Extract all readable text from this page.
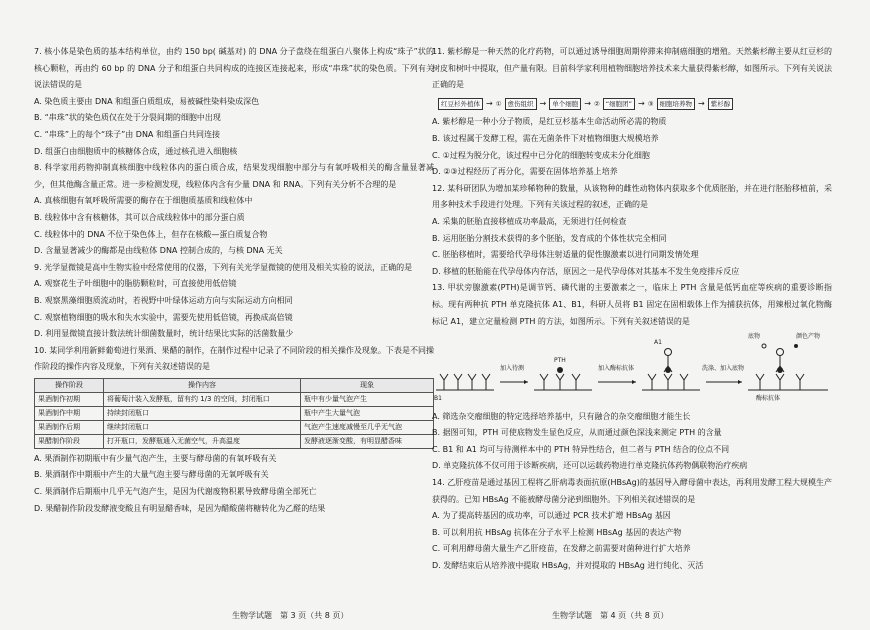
7. 核小体是染色质的基本结构单位，由约 150 bp( 碱基对) 的 DNA 分子盘绕在组蛋白八聚体上构成“珠子”状的核心颗粒，再由约 60 bp 的 DNA 分子和组蛋白共同构成的连接区连接起来，形成“串珠”状的染色质。下列有关说法错误的是
A. 染色质主要由 DNA 和组蛋白质组成，易被碱性染料染成深色
B. “串珠”状的染色质仅在处于分裂间期的细胞中出现
C. “串珠”上的每个“珠子”由 DNA 和组蛋白共同连接
D. 组蛋白由细胞质中的核糖体合成，通过核孔进入细胞核
8. 科学家用药物抑制真核细胞中线粒体内的蛋白质合成，结果发现细胞中部分与有氧呼吸相关的酶含量显著减少，但其他酶含量正常。进一步检测发现，线粒体内含有少量 DNA 和 RNA。下列有关分析不合理的是
A. 真核细胞有氧呼吸所需要的酶存在于细胞质基质和线粒体中
B. 线粒体中含有核糖体，其可以合成线粒体中的部分蛋白质
C. 线粒体中的 DNA 不位于染色体上，但存在核酸—蛋白质复合物
D. 含量显著减少的酶都是由线粒体 DNA 控制合成的，与核 DNA 无关
9. 光学显微镜是高中生物实验中经常使用的仪器，下列有关光学显微镜的使用及相关实验的说法，正确的是
A. 观察花生子叶细胞中的脂肪颗粒时，可直接使用低倍镜
B. 观察黑藻细胞质流动时，若视野中叶绿体运动方向与实际运动方向相同
C. 观察植物细胞的吸水和失水实验中，需要先使用低倍镜，再换成高倍镜
D. 利用显微镜直接计数法统计细菌数量时，统计结果比实际的活菌数量少
10. 某同学利用新鲜葡萄进行果酒、果醋的制作，在制作过程中记录了不同阶段的相关操作及现象。下表是不同操作阶段的操作内容及现象，下列有关叙述错误的是
操作阶段	操作内容	现象
果酒制作初期	将葡萄汁装入发酵瓶，留有约 1/3 的空间，封闭瓶口	瓶中有少量气泡产生
果酒制作中期	持续封闭瓶口	瓶中产生大量气泡
果酒制作后期	继续封闭瓶口	气泡产生速度减慢至几乎无气泡
果醋制作阶段	打开瓶口，发酵瓶通入无菌空气，升高温度	发酵液逐渐变酸，有明显醋香味
A. 果酒制作初期瓶中有少量气泡产生，主要与酵母菌的有氧呼吸有关
B. 果酒制作中期瓶中产生的大量气泡主要与酵母菌的无氧呼吸有关
C. 果酒制作后期瓶中几乎无气泡产生，是因为代谢废物积累导致酵母菌全部死亡
D. 果醋制作阶段发酵液变酸且有明显醋香味，是因为醋酸菌将糖转化为乙醛的结果
11. 紫杉醇是一种天然的化疗药物，可以通过诱导细胞周期停滞来抑制癌细胞的增殖。天然紫杉醇主要从红豆杉的树皮和树叶中提取，但产量有限。目前科学家利用植物细胞培养技术来大量获得紫杉醇，如图所示。下列有关说法正确的是
红豆杉外植体 → ① 愈伤组织 → 单个细胞 → ② “细胞团” → ③ 细胞培养物 → 紫杉醇
A. 紫杉醇是一种小分子物质，是红豆杉基本生命活动所必需的物质
B. 该过程属于发酵工程，需在无菌条件下对植物细胞大规模培养
C. ①过程为脱分化，该过程中已分化的细胞转变成未分化细胞
D. ②③过程经历了再分化，需要在固体培养基上培养
12. 某科研团队为增加某珍稀物种的数量，从该物种的雌性动物体内获取多个优质胚胎，并在进行胚胎移植前，采用多种技术手段进行处理。下列有关该过程的叙述，正确的是
A. 采集的胚胎直接移植成功率最高，无须进行任何检查
B. 运用胚胎分割技术获得的多个胚胎，发育成的个体性状完全相同
C. 胚胎移植时，需要给代孕母体注射适量的促性腺激素以进行同期发情处理
D. 移植的胚胎能在代孕母体内存活，原因之一是代孕母体对其基本不发生免疫排斥反应
13. 甲状旁腺激素(PTH)是调节钙、磷代谢的主要激素之一，临床上 PTH 含量是低钙血症等疾病的重要诊断指标。现有两种抗 PTH 单克隆抗体 A1、B1，科研人员将 B1 固定在固相载体上作为捕获抗体，用辣根过氧化物酶标记 A1，建立定量检测 PTH 的方法，如图所示。下列有关叙述错误的是
B1
加入待测
PTH
加入酶标抗体
A1
洗涤、加入底物
底物
酶标抗体
颜色产物
A. 筛选杂交瘤细胞的特定选择培养基中，只有融合的杂交瘤细胞才能生长
B. 据图可知，PTH 可使底物发生显色反应，从而通过颜色深浅来测定 PTH 的含量
C. B1 和 A1 均可与待测样本中的 PTH 特异性结合，但二者与 PTH 结合的位点不同
D. 单克隆抗体不仅可用于诊断疾病，还可以运载药物进行单克隆抗体药物偶联物治疗疾病
14. 乙肝疫苗是通过基因工程将乙肝病毒表面抗原(HBsAg)的基因导入酵母菌中表达，再利用发酵工程大规模生产获得的。已知 HBsAg 不能被酵母菌分泌到细胞外。下列相关叙述错误的是
A. 为了提高转基因的成功率，可以通过 PCR 技术扩增 HBsAg 基因
B. 可以利用抗 HBsAg 抗体在分子水平上检测 HBsAg 基因的表达产物
C. 可利用酵母菌大量生产乙肝疫苗，在发酵之前需要对菌种进行扩大培养
D. 发酵结束后从培养液中提取 HBsAg，并对提取的 HBsAg 进行纯化、灭活
生物学试题　第 3 页（共 8 页）	生物学试题　第 4 页（共 8 页）
